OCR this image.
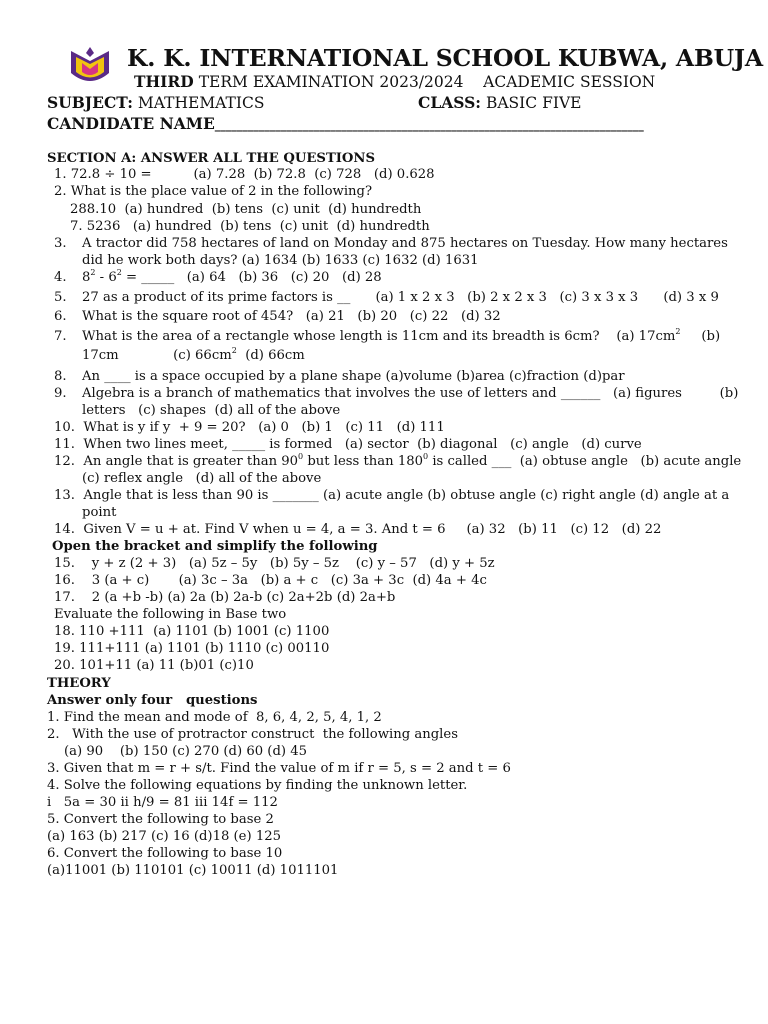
K. K. INTERNATIONAL SCHOOL KUBWA, ABUJA
THIRD TERM EXAMINATION 2023/2024    ACADEMIC SESSION
SUBJECT: MATHEMATICS	CLASS: BASIC FIVE
CANDIDATE NAME______________________________________________________________________________
SECTION A: ANSWER ALL THE QUESTIONS
1. 72.8 ÷ 10 =          (a) 7.28  (b) 72.8  (c) 728   (d) 0.628
2. What is the place value of 2 in the following?
288.10  (a) hundred  (b) tens  (c) unit  (d) hundredth
7. 5236   (a) hundred  (b) tens  (c) unit  (d) hundredth
3. A tractor did 758 hectares of land on Monday and 875 hectares on Tuesday. How many hectares
did he work both days? (a) 1634 (b) 1633 (c) 1632 (d) 1631
4. $8^2 - 6^2$ = _____   (a) 64   (b) 36   (c) 20   (d) 28
5. 27 as a product of its prime factors is __      (a) 1 x 2 x 3   (b) 2 x 2 x 3   (c) 3 x 3 x 3      (d) 3 x 9
6. What is the square root of 454?   (a) 21   (b) 20   (c) 22   (d) 32
7. What is the area of a rectangle whose length is 11cm and its breadth is 6cm?    (a) $17cm^2$     (b)
17cm             (c) $66cm^2$  (d) 66cm
8. An ____ is a space occupied by a plane shape (a)volume (b)area (c)fraction (d)par
9. Algebra is a branch of mathematics that involves the use of letters and ______   (a) figures         (b)
letters   (c) shapes  (d) all of the above
10.  What is y if y  + 9 = 20?   (a) 0   (b) 1   (c) 11   (d) 111
11.  When two lines meet, _____ is formed   (a) sector  (b) diagonal   (c) angle   (d) curve
12.  An angle that is greater than $90^0$ but less than $180^0$ is called ___  (a) obtuse angle   (b) acute angle
(c) reflex angle   (d) all of the above
13.  Angle that is less than 90 is _______ (a) acute angle (b) obtuse angle (c) right angle (d) angle at a
point
14.  Given V = u + at. Find V when u = 4, a = 3. And t = 6     (a) 32   (b) 11   (c) 12   (d) 22
Open the bracket and simplify the following
15.    y + z (2 + 3)   (a) 5z – 5y   (b) 5y – 5z    (c) y – 57   (d) y + 5z
16.    3 (a + c)       (a) 3c – 3a   (b) a + c   (c) 3a + 3c  (d) 4a + 4c
17.    2 (a +b -b) (a) 2a (b) 2a-b (c) 2a+2b (d) 2a+b
Evaluate the following in Base two
18. 110 +111  (a) 1101 (b) 1001 (c) 1100
19. 111+111 (a) 1101 (b) 1110 (c) 00110
20. 101+11 (a) 11 (b)01 (c)10
THEORY
Answer only four   questions
1. Find the mean and mode of  8, 6, 4, 2, 5, 4, 1, 2
2.   With the use of protractor construct  the following angles
(a) 90    (b) 150 (c) 270 (d) 60 (d) 45
3. Given that m = r + s/t. Find the value of m if r = 5, s = 2 and t = 6
4. Solve the following equations by finding the unknown letter.
i   5a = 30 ii h/9 = 81 iii 14f = 112
5. Convert the following to base 2
(a) 163 (b) 217 (c) 16 (d)18 (e) 125
6. Convert the following to base 10
(a)11001 (b) 110101 (c) 10011 (d) 1011101
